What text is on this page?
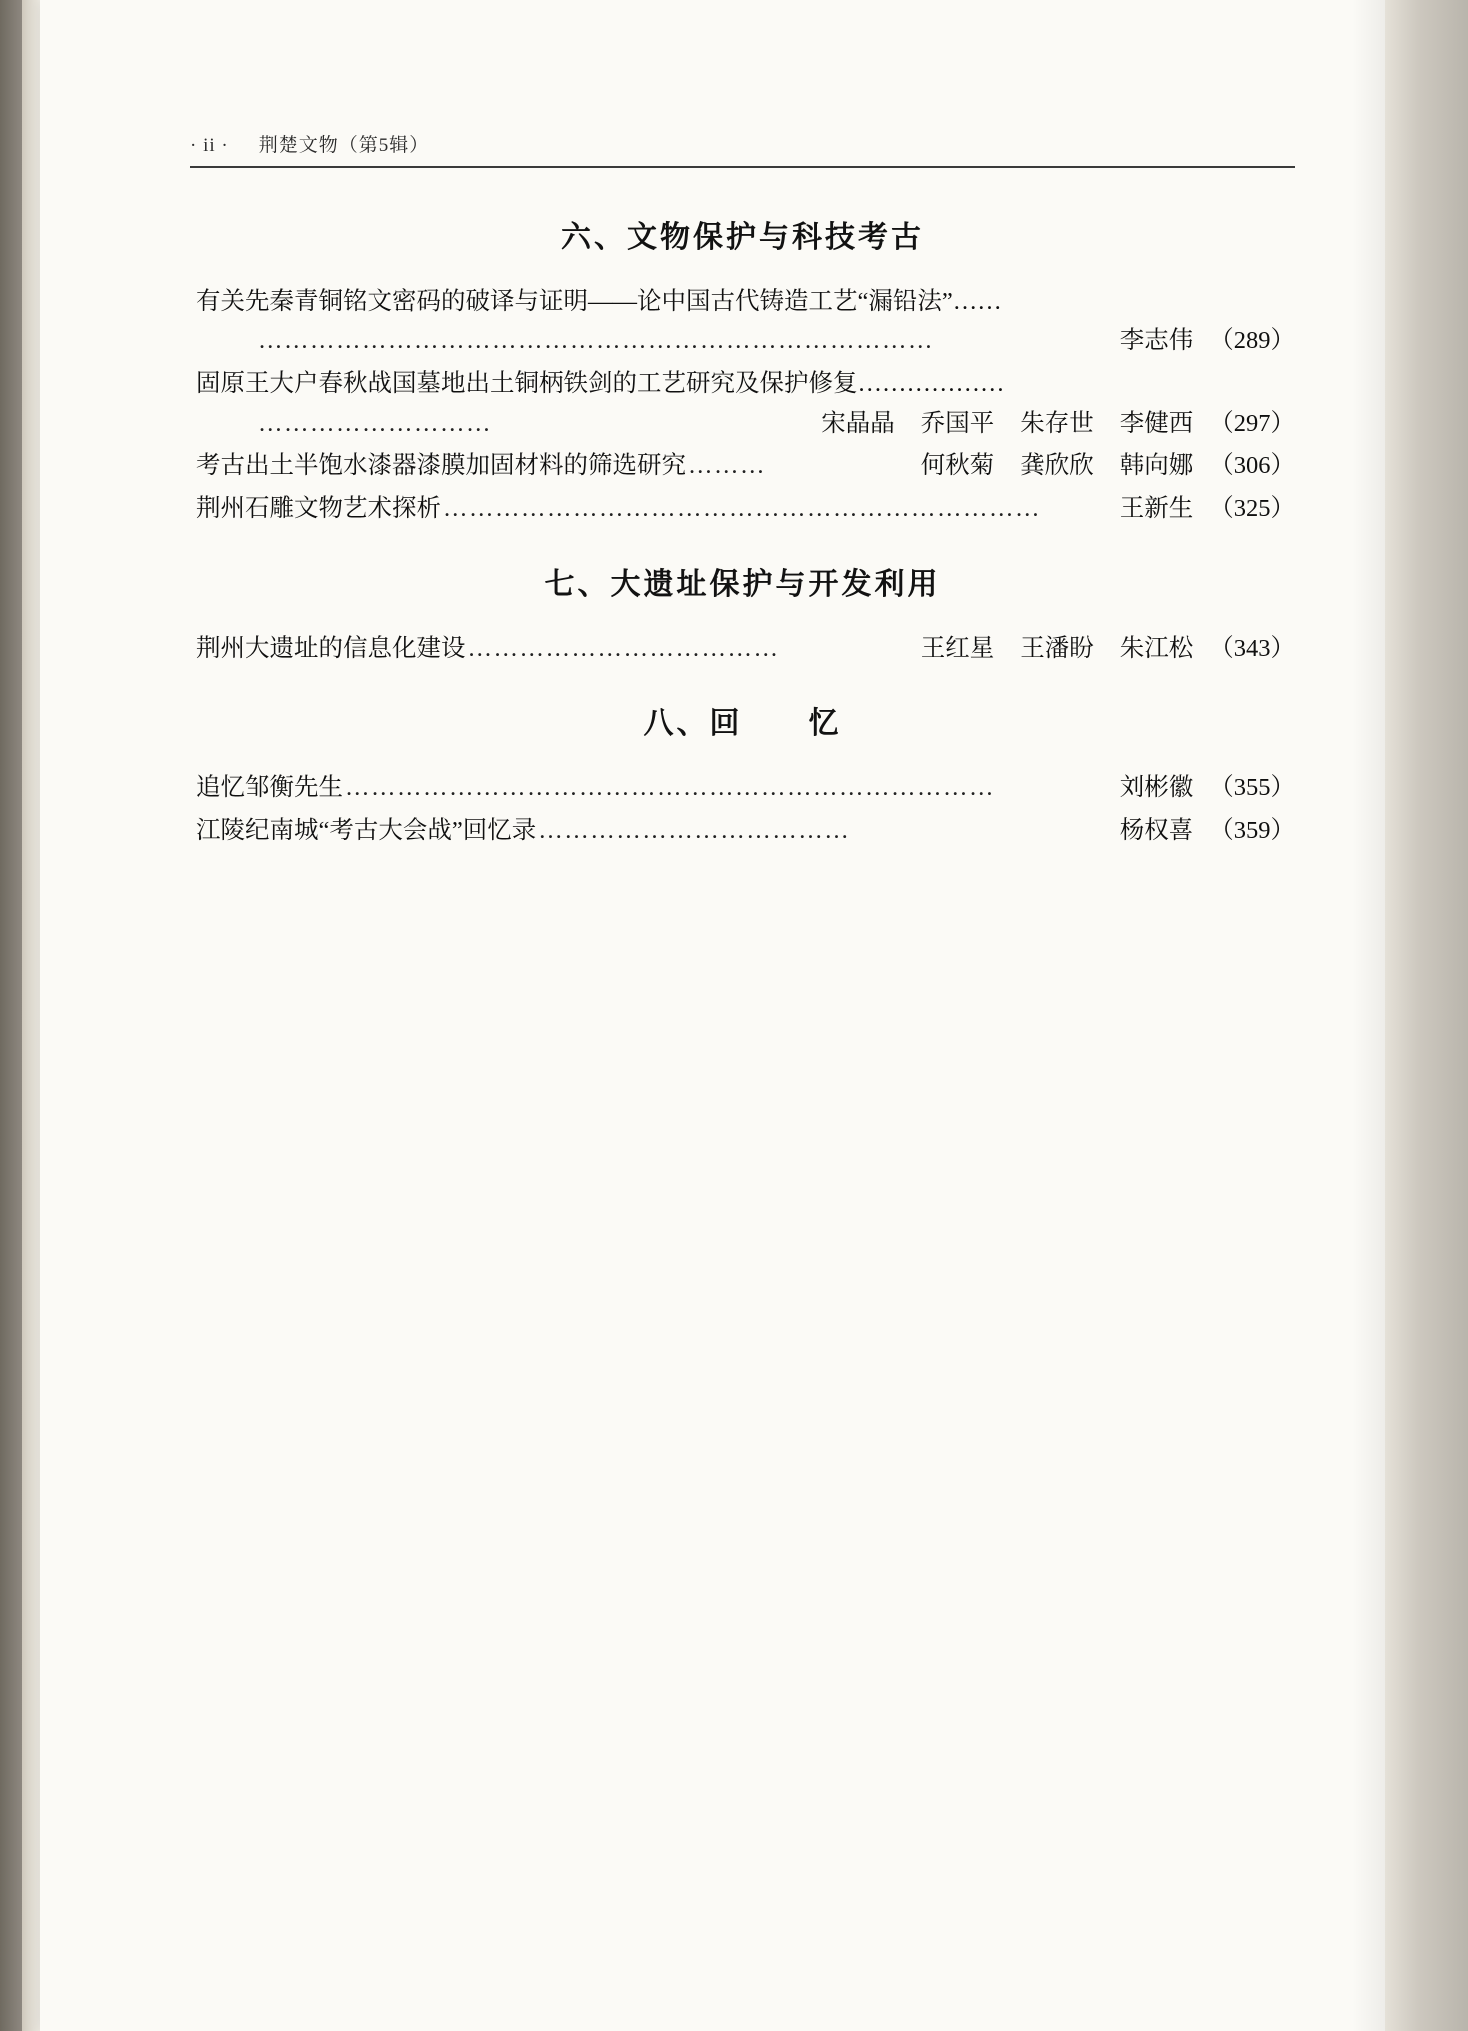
· ii · 荆楚文物（第5辑）
六、文物保护与科技考古
有关先秦青铜铭文密码的破译与证明——论中国古代铸造工艺“漏铅法”……
……………………………………………………………………	李志伟 （289）
固原王大户春秋战国墓地出土铜柄铁剑的工艺研究及保护修复………………
………………………	宋晶晶 乔国平 朱存世 李健西 （297）
考古出土半饱水漆器漆膜加固材料的筛选研究 ………	何秋菊 龚欣欣 韩向娜 （306）
荆州石雕文物艺术探析 ……………………………………………………………	王新生 （325）
七、大遗址保护与开发利用
荆州大遗址的信息化建设 ………………………………	王红星 王潘盼 朱江松 （343）
八、回　　忆
追忆邹衡先生 …………………………………………………………………	刘彬徽 （355）
江陵纪南城“考古大会战”回忆录 ………………………………	杨权喜 （359）
